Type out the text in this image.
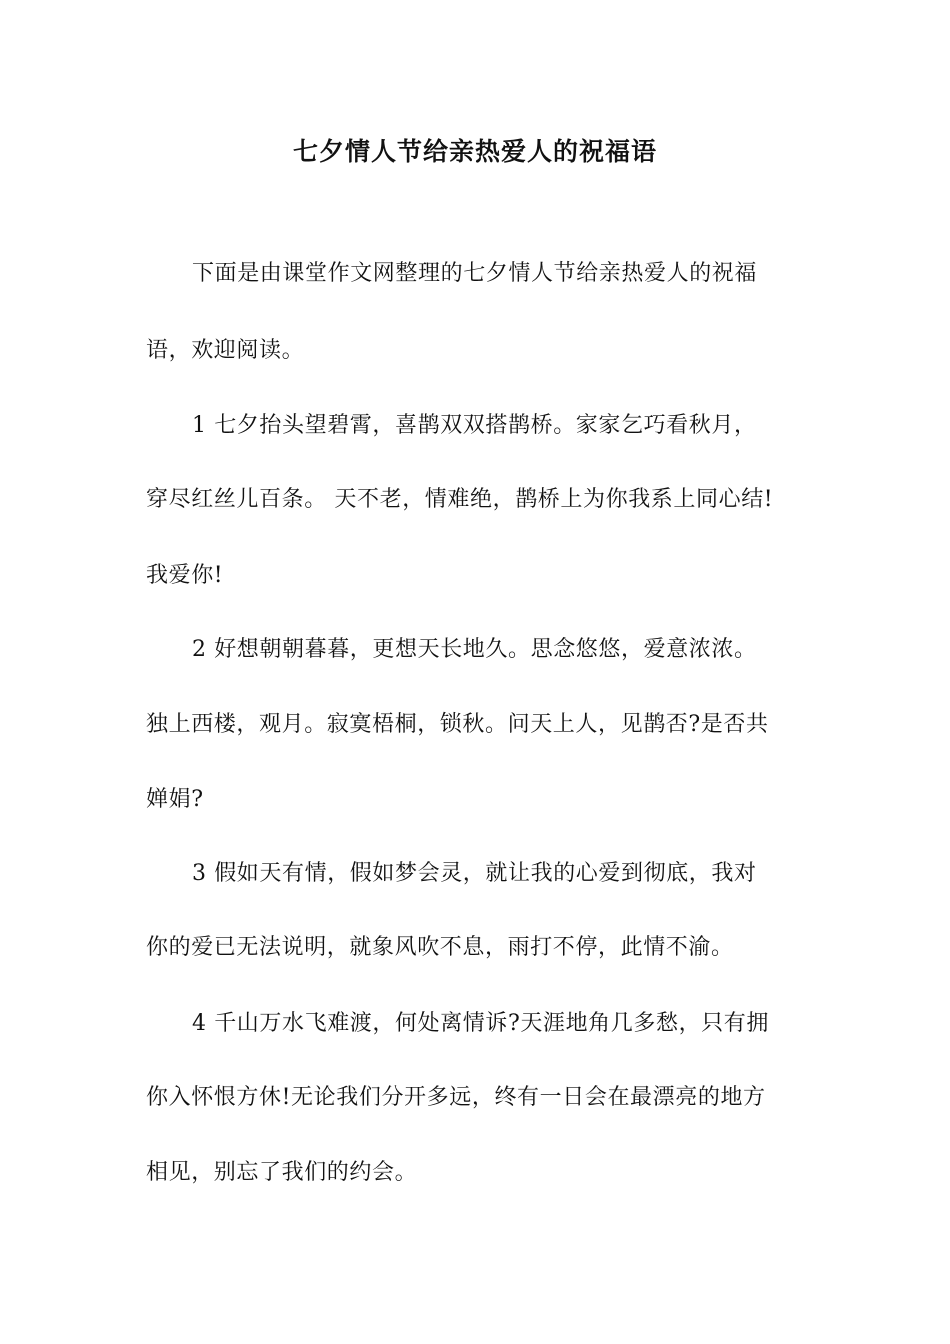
七夕情人节给亲热爱人的祝福语
下面是由课堂作文网整理的七夕情人节给亲热爱人的祝福
语，欢迎阅读。
1 七夕抬头望碧霄，喜鹊双双搭鹊桥。家家乞巧看秋月，
穿尽红丝儿百条。 天不老，情难绝，鹊桥上为你我系上同心结!
我爱你!
2 好想朝朝暮暮，更想天长地久。思念悠悠，爱意浓浓。
独上西楼，观月。寂寞梧桐，锁秋。问天上人，见鹊否?是否共
婵娟?
3 假如天有情，假如梦会灵，就让我的心爱到彻底，我对
你的爱已无法说明，就象风吹不息，雨打不停，此情不渝。
4 千山万水飞难渡，何处离情诉?天涯地角几多愁，只有拥
你入怀恨方休!无论我们分开多远，终有一日会在最漂亮的地方
相见，别忘了我们的约会。
